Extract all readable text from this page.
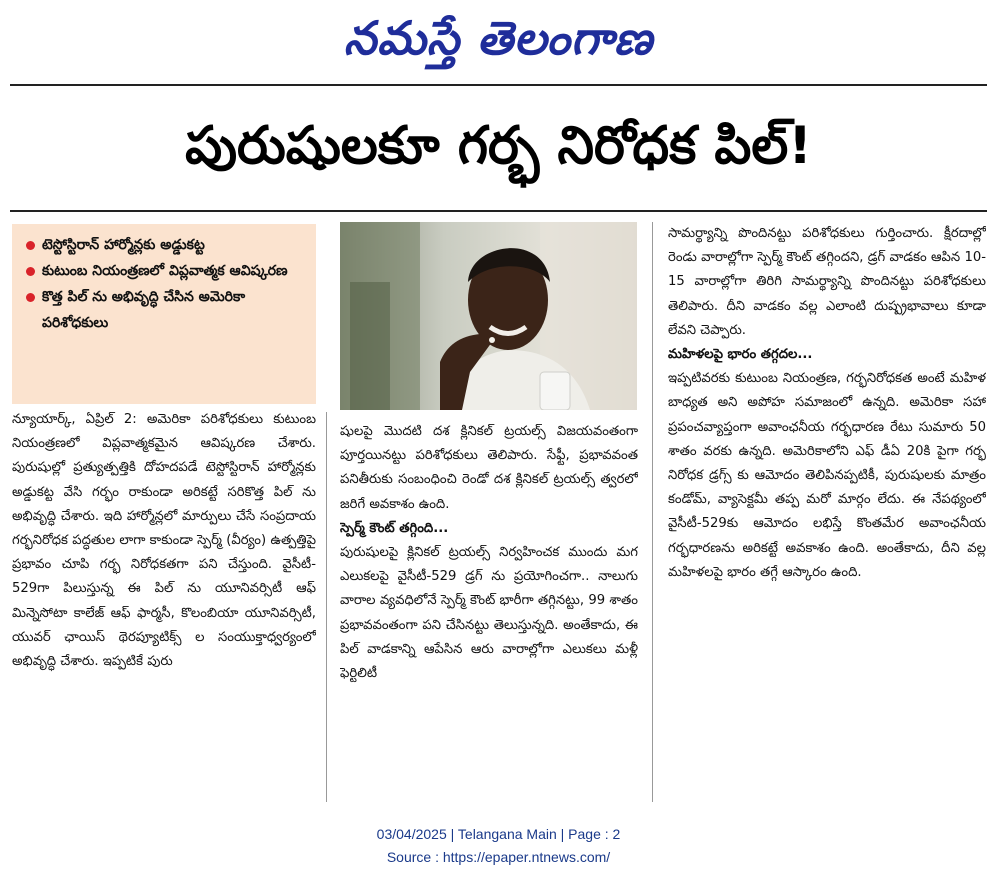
నమస్తే తెలంగాణ
పురుషులకూ గర్భ నిరోధక పిల్!
టెస్టోస్టిరాన్ హార్మోన్లకు అడ్డుకట్ట
కుటుంబ నియంత్రణలో విప్లవాత్మక ఆవిష్కరణ
కొత్త పిల్ ను అభివృద్ధి చేసిన అమెరికా పరిశోధకులు

న్యూయార్క్, ఏప్రిల్ 2: అమెరికా పరిశోధకులు కుటుంబ నియంత్రణలో విప్లవాత్మకమైన ఆవిష్కరణ చేశారు. పురుషుల్లో ప్రత్యుత్పత్తికి దోహదపడే టెస్టోస్టిరాన్ హార్మోన్లకు అడ్డుకట్ట వేసి గర్భం రాకుండా అరికట్టే సరికొత్త పిల్ ను అభివృద్ధి చేశారు. ఇది హార్మోన్లలో మార్పులు చేసే సంప్రదాయ గర్భనిరోధక పద్ధతుల లాగా కాకుండా స్పెర్మ్ (వీర్యం) ఉత్పత్తిపై ప్రభావం చూపి గర్భ నిరోధకతగా పని చేస్తుంది. వైసీటీ- 529గా పిలుస్తున్న ఈ పిల్ ను యూనివర్సిటీ ఆఫ్ మిన్నెసోటా కాలేజ్ ఆఫ్ ఫార్మసీ, కొలంబియా యూనివర్సిటీ, యువర్ ఛాయిస్ థెరప్యూటిక్స్ ల సంయుక్తాధ్వర్యంలో అభివృద్ధి చేశారు. ఇప్పటికే పురు

షులపై మొదటి దశ క్లినికల్ ట్రయల్స్ విజయవంతంగా పూర్తయినట్టు పరిశోధకులు తెలిపారు. సేఫ్టీ, ప్రభావవంత పనితీరుకు సంబంధించి రెండో దశ క్లినికల్ ట్రయల్స్ త్వరలో జరిగే అవకాశం ఉంది.

స్పెర్మ్ కౌంట్ తగ్గింది...

పురుషులపై క్లినికల్ ట్రయల్స్ నిర్వహించక ముందు మగ ఎలుకలపై వైసీటీ-529 డ్రగ్ ను ప్రయోగించగా.. నాలుగు వారాల వ్యవధిలోనే స్పెర్మ్ కౌంట్ భారీగా తగ్గినట్టు, 99 శాతం ప్రభావవంతంగా పని చేసినట్టు తెలుస్తున్నది. అంతేకాదు, ఈ పిల్ వాడకాన్ని ఆపేసిన ఆరు వారాల్లోగా ఎలుకలు మళ్లీ ఫెర్టిలిటీ

సామర్థ్యాన్ని పొందినట్టు పరిశోధకులు గుర్తించారు. క్షీరదాల్లో రెండు వారాల్లోగా స్పెర్మ్ కౌంట్ తగ్గిందని, డ్రగ్ వాడకం ఆపిన 10-15 వారాల్లోగా తిరిగి సామర్థ్యాన్ని పొందినట్టు పరిశోధకులు తెలిపారు. దీని వాడకం వల్ల ఎలాంటి దుష్ప్రభావాలు కూడా లేవని చెప్పారు.

మహిళలపై భారం తగ్గదల...

ఇప్పటివరకు కుటుంబ నియంత్రణ, గర్భనిరోధకత అంటే మహిళ బాధ్యత అని అపోహ సమాజంలో ఉన్నది. అమెరికా సహా ప్రపంచవ్యాప్తంగా అవాంఛనీయ గర్భధారణ రేటు సుమారు 50 శాతం వరకు ఉన్నది. అమెరికాలోని ఎఫ్ డీఏ 20కి పైగా గర్భ నిరోధక డ్రగ్స్ కు ఆమోదం తెలిపినప్పటికీ, పురుషులకు మాత్రం కండోమ్, వ్యాసెక్టమీ తప్ప మరో మార్గం లేదు. ఈ నేపథ్యంలో వైసీటీ-529కు ఆమోదం లభిస్తే కొంతమేర అవాంఛనీయ గర్భధారణను అరికట్టే అవకాశం ఉంది. అంతేకాదు, దీని వల్ల మహిళలపై భారం తగ్గే ఆస్కారం ఉంది.

03/04/2025 | Telangana Main | Page : 2
Source : https://epaper.ntnews.com/
